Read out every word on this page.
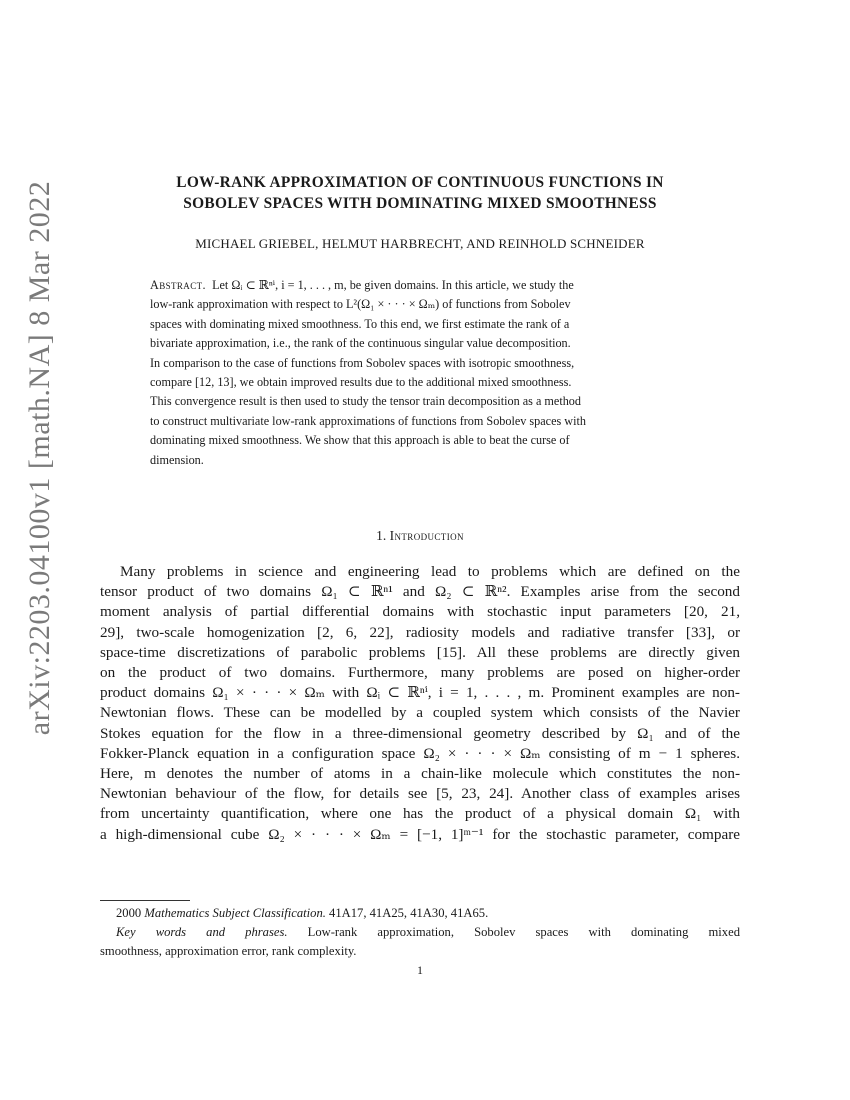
arXiv:2203.04100v1 [math.NA] 8 Mar 2022	LOW-RANK APPROXIMATION OF CONTINUOUS FUNCTIONS IN
SOBOLEV SPACES WITH DOMINATING MIXED SMOOTHNESS
MICHAEL GRIEBEL, HELMUT HARBRECHT, AND REINHOLD SCHNEIDER
Abstract. Let Ωᵢ ⊂ ℝⁿⁱ, i = 1, . . . , m, be given domains. In this article, we study the
low-rank approximation with respect to L²(Ω₁ × · · · × Ωₘ) of functions from Sobolev
spaces with dominating mixed smoothness. To this end, we first estimate the rank of a
bivariate approximation, i.e., the rank of the continuous singular value decomposition.
In comparison to the case of functions from Sobolev spaces with isotropic smoothness,
compare [12, 13], we obtain improved results due to the additional mixed smoothness.
This convergence result is then used to study the tensor train decomposition as a method
to construct multivariate low-rank approximations of functions from Sobolev spaces with
dominating mixed smoothness. We show that this approach is able to beat the curse of
dimension.
1. Introduction
Many problems in science and engineering lead to problems which are defined on the
tensor product of two domains Ω₁ ⊂ ℝⁿ¹ and Ω₂ ⊂ ℝⁿ². Examples arise from the second
moment analysis of partial differential domains with stochastic input parameters [20, 21,
29], two-scale homogenization [2, 6, 22], radiosity models and radiative transfer [33], or
space-time discretizations of parabolic problems [15]. All these problems are directly given
on the product of two domains. Furthermore, many problems are posed on higher-order
product domains Ω₁ × · · · × Ωₘ with Ωᵢ ⊂ ℝⁿⁱ, i = 1, . . . , m. Prominent examples are non-
Newtonian flows. These can be modelled by a coupled system which consists of the Navier
Stokes equation for the flow in a three-dimensional geometry described by Ω₁ and of the
Fokker-Planck equation in a configuration space Ω₂ × · · · × Ωₘ consisting of m − 1 spheres.
Here, m denotes the number of atoms in a chain-like molecule which constitutes the non-
Newtonian behaviour of the flow, for details see [5, 23, 24]. Another class of examples arises
from uncertainty quantification, where one has the product of a physical domain Ω₁ with
a high-dimensional cube Ω₂ × · · · × Ωₘ = [−1, 1]ᵐ⁻¹ for the stochastic parameter, compare
2000 Mathematics Subject Classification. 41A17, 41A25, 41A30, 41A65.
Key words and phrases. Low-rank approximation, Sobolev spaces with dominating mixed
smoothness, approximation error, rank complexity.
1
